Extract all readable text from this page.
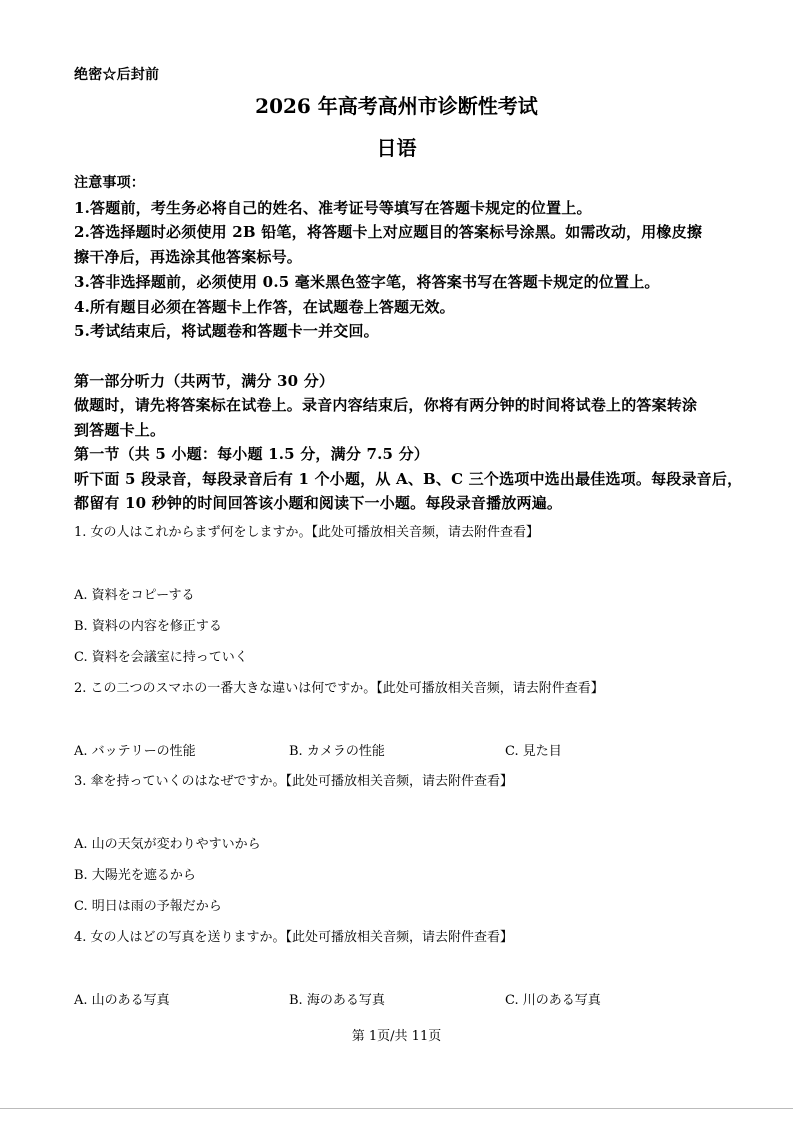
绝密☆后封前
2026 年高考高州市诊断性考试
日语
注意事项：
1.答题前，考生务必将自己的姓名、准考证号等填写在答题卡规定的位置上。
2.答选择题时必须使用 2B 铅笔，将答题卡上对应题目的答案标号涂黑。如需改动，用橡皮擦
擦干净后，再选涂其他答案标号。
3.答非选择题前，必须使用 0.5 毫米黑色签字笔，将答案书写在答题卡规定的位置上。
4.所有题目必须在答题卡上作答，在试题卷上答题无效。
5.考试结束后，将试题卷和答题卡一并交回。
第一部分听力（共两节，满分 30 分）
做题时，请先将答案标在试卷上。录音内容结束后，你将有两分钟的时间将试卷上的答案转涂
到答题卡上。
第一节（共 5 小题：每小题 1.5 分，满分 7.5 分）
听下面 5 段录音，每段录音后有 1 个小题，从 A、B、C 三个选项中选出最佳选项。每段录音后，
都留有 10 秒钟的时间回答该小题和阅读下一小题。每段录音播放两遍。
1. 女の人はこれからまず何をしますか。【此处可播放相关音频，请去附件查看】
A. 資料をコピーする
B. 資料の内容を修正する
C. 資料を会議室に持っていく
2. この二つのスマホの一番大きな違いは何ですか。【此处可播放相关音频，请去附件查看】
A. バッテリーの性能	B. カメラの性能	C. 見た目
3. 傘を持っていくのはなぜですか。【此处可播放相关音频，请去附件查看】
A. 山の天気が変わりやすいから
B. 大陽光を遮るから
C. 明日は雨の予報だから
4. 女の人はどの写真を送りますか。【此处可播放相关音频，请去附件查看】
A. 山のある写真	B. 海のある写真	C. 川のある写真
第 1页/共 11页
